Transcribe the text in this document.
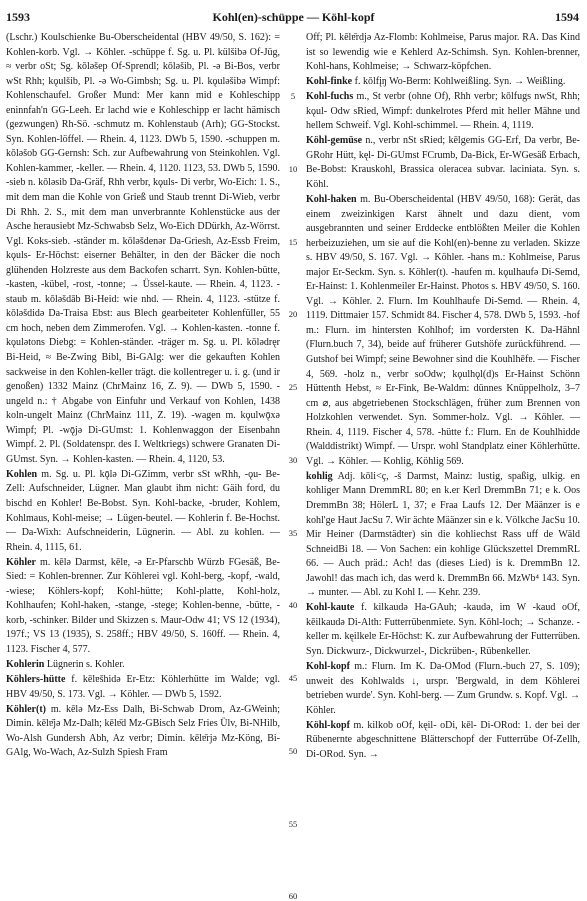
1593	Kohl(en)-schüppe — Köhl-kopf	1594

(Lschr.) Koulschienke Bu-Oberscheidental (HBV 49/50, S. 162): = Kohlen-korb. Vgl. → Köhler. -schüppe f. Sg. u. Pl. külšibə Of-Jüg, ≈ verbr oSt; Sg. kōləšep Of-Sprendl; kōləšib, Pl. -ə Bi-Bos, verbr wSt Rhh; kǫulšib, Pl. -ə Wo-Gimbsh; Sg. u. Pl. kǫuləšibə Wimpf: Kohlenschaufel. Großer Mund: Mer kann mid e Kohleschipp eninnfah'n GG-Leeh. Er lachd wie e Kohleschipp er lacht hämisch (gezwungen) Rh-Sö. -schmutz m. Kohlenstaub (Arh); GG-Stockst. Syn. Kohlen-löffel. — Rhein. 4, 1123. DWb 5, 1590. -schuppen m. kōləšob GG-Gernsh: Sch. zur Aufbewahrung von Steinkohlen. Vgl. Kohlen-kammer, -keller. — Rhein. 4, 1120. 1123, 53. DWb 5, 1590. -sieb n. kōləsib Da-Gräf, Rhh verbr, kǫuls- Di verbr, Wo-Eich: 1. S., mit dem man die Kohle von Grieß und Staub trennt Di-Wieb, verbr Di Rhh. 2. S., mit dem man unverbrannte Kohlenstücke aus der Asche herausiebt Mz-Schwabsb Selz, Wo-Eich DDürkh, Az-Wörrst. Vgl. Koks-sieb. -ständer m. kōləšdenər Da-Griesh, Az-Essb Freim, kǫuls- Er-Höchst: eiserner Behälter, in den der Bäcker die noch glühenden Holzreste aus dem Backofen scharrt. Syn. Kohlen-bütte, -kasten, -kübel, -rost, -tonne; → Üssel-kaute. — Rhein. 4, 1123. -staub m. kōləšdāb Bi-Heid: wie nhd. — Rhein. 4, 1123. -stütze f. kōləšdidə Da-Traisa Ebst: aus Blech gearbeiteter Kohlenfüller, 55 cm hoch, neben dem Zimmerofen. Vgl. → Kohlen-kasten. -tonne f. kǫulətons Diebg: = Kohlen-ständer. -träger m. Sg. u. Pl. kōlədręr Bi-Heid, ≈ Be-Zwing Bibl, Bi-GAlg: wer die gekauften Kohlen sackweise in den Kohlen-keller trägt. die kollentreger u. i. g. (und ir genoßen) 1332 Mainz (ChrMainz 16, Z. 9). — DWb 5, 1590. -ungeld n.: † Abgabe von Einfuhr und Verkauf von Kohlen, 1438 koln-ungelt Mainz (ChrMainz 111, Z. 19). -wagen m. kǫulwǭxə Wimpf; Pl. -wǭjə Di-GUmst: 1. Kohlenwaggon der Eisenbahn Wimpf. 2. Pl. (Soldatenspr. des I. Weltkriegs) schwere Granaten Di-GUmst. Syn. → Kohlen-kasten. — Rhein. 4, 1120, 53.

Kohlen m. Sg. u. Pl. kǭlə Di-GZimm, verbr sSt wRhh, -ǫu- Be-Zell: Aufschneider, Lügner. Man glaubt ihm nicht: Gäih ford, du bischd en Kohler! Be-Bobst. Syn. Kohl-backe, -bruder, Kohlem, Kohlmaus, Kohl-meise; → Lügen-beutel. — Kohlerin f. Be-Hochst. — Da-Wixh: Aufschneiderin, Lügnerin. — Abl. zu kohlen. — Rhein. 4, 1115, 61.

Köhler m. kēlə Darmst, kēlɐ, -ə Er-Pfarschb Würzb FGesäß, Be-Sied: = Kohlen-brenner. Zur Köhlerei vgl. Kohl-berg, -kopf, -wald, -wiese; Köhlers-kopf; Kohl-hütte; Kohl-platte, Kohl-holz, Kohlhaufen; Kohl-haken, -stange, -stege; Kohlen-benne, -bütte, -korb, -schinker. Bilder und Skizzen s. Maur-Odw 41; VS 12 (1934), 197f.; VS 13 (1935), S. 258ff.; HBV 49/50, S. 160ff. — Rhein. 4, 1123. Fischer 4, 577.

Kohlerin Lügnerin s. Kohler.

Köhlers-hütte f. kēlɐšhidə Er-Etz: Köhlerhütte im Walde; vgl. HBV 49/50, S. 173. Vgl. → Köhler. — DWb 5, 1592.

Köhler(t) m. kēlə Mz-Ess Dalh, Bi-Schwab Drom, Az-GWeinh; Dimin. kēlɐ̄jə Mz-Dalh; kēlɐ̄d Mz-GBisch Selz Fries Ülv, Bi-NHilb, Wo-Alsh Gundersh Abh, Az verbr; Dimin. kēlɐ̄rjə Mz-Köng, Bi-GAlg, Wo-Wach, Az-Sulzh Spiesh Fram

5
10
15
20
25
30
35
40
45
50
55
60

Off; Pl. kēlɐ̄rdjə Az-Flomb: Kohlmeise, Parus major. RA. Das Kind ist so lewendig wie e Kehlerd Az-Schimsh. Syn. Kohlen-brenner, Kohl-hans, Kohlmeise; → Schwarz-köpfchen.

Kohl-finke f. kōlfįŋ Wo-Berm: Kohlweißling. Syn. → Weißling.

Kohl-fuchs m., St verbr (ohne Of), Rhh verbr; kōlfugs nwSt, Rhh; kǫul- Odw sRied, Wimpf: dunkelrotes Pferd mit heller Mähne und hellem Schweif. Vgl. Kohl-schimmel. — Rhein. 4, 1119.

Köhl-gemüse n., verbr nSt sRied; kēlgemis GG-Erf, Da verbr, Be-GRohr Hütt, kęl- Di-GUmst FCrumb, Da-Bick, Er-WGesäß Erbach, Be-Bobst: Krauskohl, Brassica oleracea subvar. laciniata. Syn. s. Köhl.

Kohl-haken m. Bu-Oberscheidental (HBV 49/50, 168): Gerät, das einem zweizinkigen Karst ähnelt und dazu dient, vom ausgebrannten und seiner Erddecke entblößten Meiler die Kohlen herbeizuziehen, um sie auf die Kohl(en)-benne zu verladen. Skizze s. HBV 49/50, S. 167. Vgl. → Köhler. -hans m.: Kohlmeise, Parus major Er-Seckm. Syn. s. Köhler(t). -haufen m. kǫulhaufə Di-Semd, Er-Hainst: 1. Kohlenmeiler Er-Hainst. Photos s. HBV 49/50, S. 160. Vgl. → Köhler. 2. Flurn. Im Kouhlhaufe Di-Semd. — Rhein. 4, 1119. Dittmaier 157. Schmidt 84. Fischer 4, 578. DWb 5, 1593. -hof m.: Flurn. im hintersten Kohlhof; im vordersten K. Da-Hähnl (Flurn.buch 7, 34), beide auf früherer Gutshöfe zurückführend. — Gutshof bei Wimpf; seine Bewohner sind die Kouhlhēfɐ. — Fischer 4, 569. -holz n., verbr soOdw; kǫulhǫl(d)s Er-Hainst Schönn Hüttenth Hebst, ≈ Er-Fink, Be-Waldm: dünnes Knüppelholz, 3–7 cm ⌀, aus abgetriebenen Stockschlägen, früher zum Brennen von Holzkohlen verwendet. Syn. Sommer-holz. Vgl. → Köhler. — Rhein. 4, 1119. Fischer 4, 578. -hütte f.: Flurn. En de Kouhlhidde (Walddistrikt) Wimpf. — Urspr. wohl Standplatz einer Köhlerhütte. Vgl. → Köhler. — Kohlig, Köhlig 569.

kohlig Adj. kōli<ç, -š Darmst, Mainz: lustig, spaßig, ulkig. en kohliger Mann DremmRL 80; en k.er Kerl DremmBn 71; e k. Oos DremmBn 38; HölerL 1, 37; e Fraa Laufs 12. Der Määnzer is e kohl'ge Haut JacSu 7. Wir ächte Määnzer sin e k. Völkche JacSu 10. Mir Heiner (Darmstädter) sin die kohliechst Rass uff de Wäld SchneidBi 18. — Von Sachen: ein kohlige Glückszettel DremmRL 66. — Auch präd.: Ach! das (dieses Lied) is k. DremmBn 12. Jawohl! das mach ich, das werd k. DremmBn 66. MzWb⁴ 143. Syn. → munter. — Abl. zu Kohl I. — Kehr. 239.

Kohl-kaute f. kilkaudə Ha-GAuh; -kaudə, im W -kaud oOf, kēilkaudə Di-Alth: Futterrübenmiete. Syn. Köhl-loch; → Schanze. -keller m. kęilkelɐ Er-Höchst: K. zur Aufbewahrung der Futterrüben. Syn. Dickwurz-, Dickwurzel-, Dickrüben-, Rübenkeller.

Kohl-kopf m.: Flurn. Im K. Da-OMod (Flurn.-buch 27, S. 109); unweit des Kohlwalds ↓, urspr. 'Bergwald, in dem Köhlerei betrieben wurde'. Syn. Kohl-berg. — Zum Grundw. s. Kopf. Vgl. → Köhler.

Köhl-kopf m. kilkob oOf, kęil- oDi, kēl- Di-ORod: 1. der bei der Rübenernte abgeschnittene Blätterschopf der Futterrübe Of-Zellh, Di-ORod. Syn. →
